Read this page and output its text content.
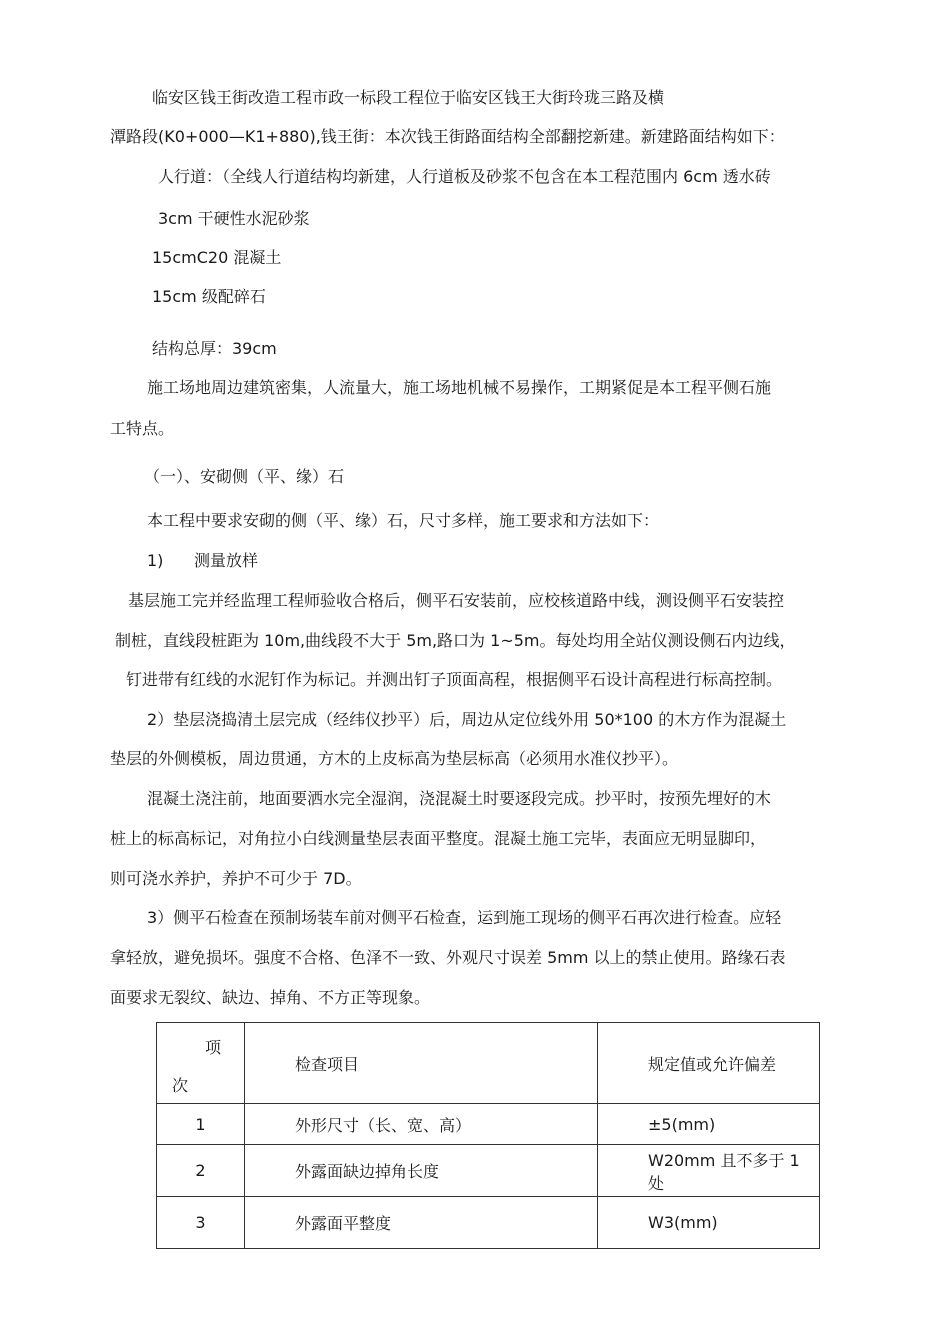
临安区钱王街改造工程市政一标段工程位于临安区钱王大街玲珑三路及横
潭路段(K0+000—K1+880),钱王街：本次钱王街路面结构全部翻挖新建。新建路面结构如下：
人行道：（全线人行道结构均新建，人行道板及砂浆不包含在本工程范围内 6cm 透水砖
3cm 干硬性水泥砂浆
15cmC20 混凝土
15cm 级配碎石
结构总厚：39cm
施工场地周边建筑密集，人流量大，施工场地机械不易操作，工期紧促是本工程平侧石施
工特点。
（一）、安砌侧（平、缘）石
本工程中要求安砌的侧（平、缘）石，尺寸多样，施工要求和方法如下：
1)      测量放样
基层施工完并经监理工程师验收合格后，侧平石安装前，应校核道路中线，测设侧平石安装控
制桩，直线段桩距为 10m,曲线段不大于 5m,路口为 1~5m。每处均用全站仪测设侧石内边线，
钉进带有红线的水泥钉作为标记。并测出钉子顶面高程，根据侧平石设计高程进行标高控制。
2）垫层浇捣清土层完成（经纬仪抄平）后，周边从定位线外用 50*100 的木方作为混凝土
垫层的外侧模板，周边贯通，方木的上皮标高为垫层标高（必须用水准仪抄平）。
混凝土浇注前，地面要洒水完全湿润，浇混凝土时要逐段完成。抄平时，按预先埋好的木
桩上的标高标记，对角拉小白线测量垫层表面平整度。混凝土施工完毕，表面应无明显脚印，
则可浇水养护，养护不可少于 7D。
3）侧平石检查在预制场装车前对侧平石检查，运到施工现场的侧平石再次进行检查。应轻
拿轻放，避免损坏。强度不合格、色泽不一致、外观尺寸误差 5mm 以上的禁止使用。路缘石表
面要求无裂纹、缺边、掉角、不方正等现象。
项
次	检查项目	规定值或允许偏差
1	外形尺寸（长、宽、高）	±5(mm)
2	外露面缺边掉角长度	W20mm 且不多于 1 处
3	外露面平整度	W3(mm)
